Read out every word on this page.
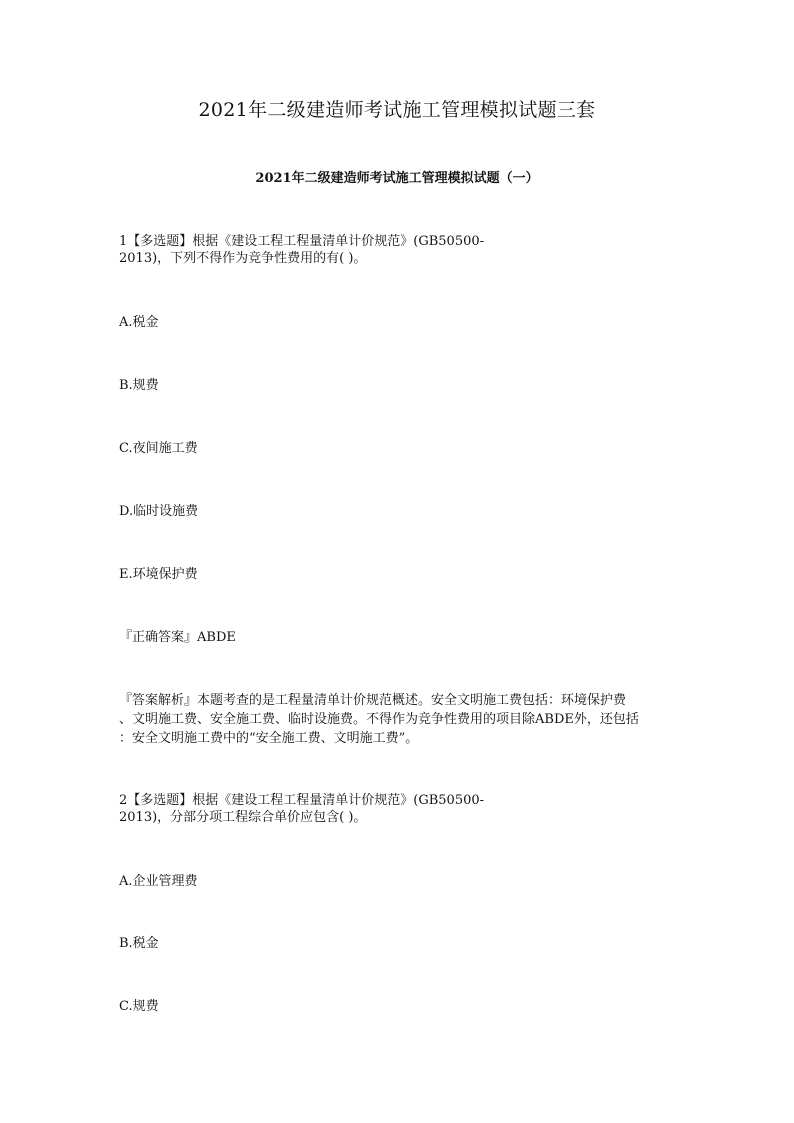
2021年二级建造师考试施工管理模拟试题三套
2021年二级建造师考试施工管理模拟试题（一）
1【多选题】根据《建设工程工程量清单计价规范》(GB50500-
2013)，下列不得作为竞争性费用的有( )。
A.税金
B.规费
C.夜间施工费
D.临时设施费
E.环境保护费
『正确答案』ABDE
『答案解析』本题考查的是工程量清单计价规范概述。安全文明施工费包括：环境保护费
、文明施工费、安全施工费、临时设施费。不得作为竞争性费用的项目除ABDE外，还包括
：安全文明施工费中的“安全施工费、文明施工费”。
2【多选题】根据《建设工程工程量清单计价规范》(GB50500-
2013)，分部分项工程综合单价应包含( )。
A.企业管理费
B.税金
C.规费
